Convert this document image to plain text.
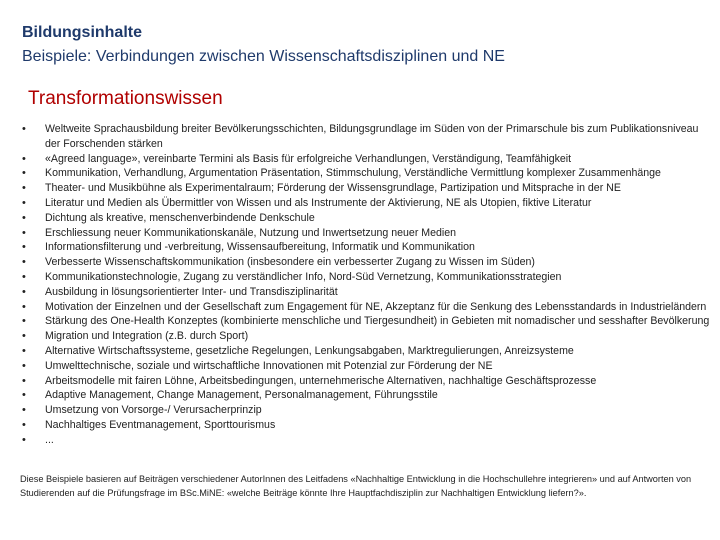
Bildungsinhalte
Beispiele: Verbindungen zwischen Wissenschaftsdisziplinen und NE
Transformationswissen
•	Weltweite Sprachausbildung breiter Bevölkerungsschichten, Bildungsgrundlage im Süden von der Primarschule bis zum Publikationsniveau der Forschenden stärken
•	«Agreed language», vereinbarte Termini als Basis für erfolgreiche Verhandlungen, Verständigung, Teamfähigkeit
•	Kommunikation, Verhandlung, Argumentation Präsentation, Stimmschulung, Verständliche Vermittlung komplexer Zusammenhänge
•	Theater- und Musikbühne als Experimentalraum; Förderung der Wissensgrundlage, Partizipation und Mitsprache in der NE
•	Literatur und Medien als Übermittler von Wissen und als Instrumente der Aktivierung, NE als Utopien, fiktive Literatur
•	Dichtung als kreative, menschenverbindende Denkschule
•	Erschliessung neuer Kommunikationskanäle, Nutzung und Inwertsetzung neuer Medien
•	Informationsfilterung und -verbreitung, Wissensaufbereitung, Informatik und Kommunikation
•	Verbesserte Wissenschaftskommunikation (insbesondere ein verbesserter Zugang zu Wissen im Süden)
•	Kommunikationstechnologie, Zugang zu verständlicher Info, Nord-Süd Vernetzung, Kommunikationsstrategien
•	Ausbildung in lösungsorientierter Inter- und Transdisziplinarität
•	Motivation der Einzelnen und der Gesellschaft zum Engagement für NE, Akzeptanz für die Senkung des Lebensstandards in Industrieländern
•	Stärkung des One-Health Konzeptes (kombinierte menschliche und Tiergesundheit) in Gebieten mit nomadischer und sesshafter Bevölkerung
•	Migration und Integration (z.B. durch Sport)
•	Alternative Wirtschaftssysteme, gesetzliche Regelungen, Lenkungsabgaben, Marktregulierungen, Anreizsysteme
•	Umwelttechnische, soziale und wirtschaftliche Innovationen mit Potenzial zur Förderung der NE
•	Arbeitsmodelle mit fairen Löhne, Arbeitsbedingungen, unternehmerische Alternativen, nachhaltige Geschäftsprozesse
•	Adaptive Management, Change Management, Personalmanagement, Führungsstile
•	Umsetzung von Vorsorge-/ Verursacherprinzip
•	Nachhaltiges Eventmanagement, Sporttourismus
•	...
Diese Beispiele basieren auf Beiträgen verschiedener AutorInnen des Leitfadens «Nachhaltige Entwicklung in die Hochschullehre integrieren» und auf Antworten von Studierenden auf die Prüfungsfrage im BSc.MiNE: «welche Beiträge könnte Ihre Hauptfachdisziplin zur Nachhaltigen Entwicklung liefern?».
